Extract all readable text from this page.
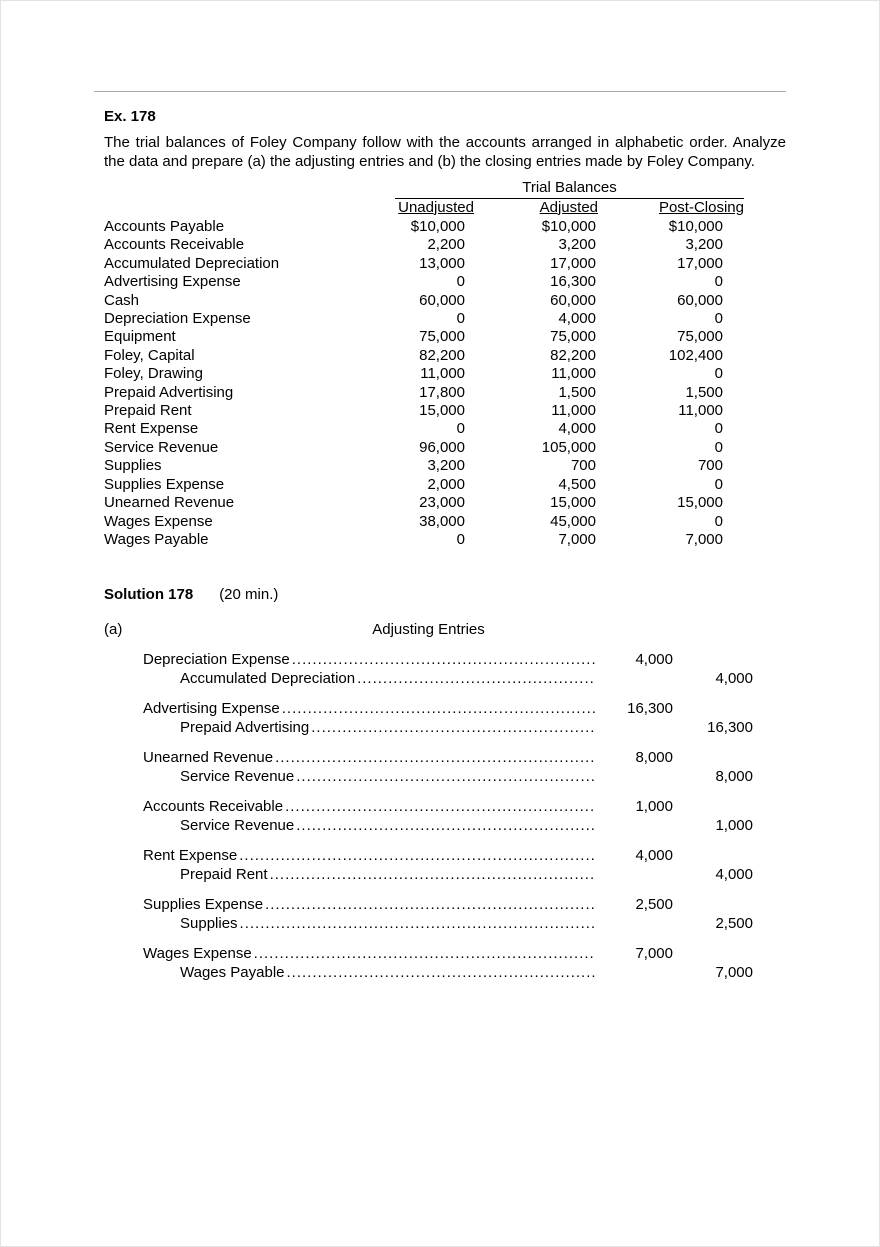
Ex. 178

The trial balances of Foley Company follow with the accounts arranged in alphabetic order. Analyze the data and prepare (a) the adjusting entries and (b) the closing entries made by Foley Company.

	Trial Balances		
	Unadjusted	Adjusted	Post-Closing
Accounts Payable	$10,000	$10,000	$10,000
Accounts Receivable	2,200	3,200	3,200
Accumulated Depreciation	13,000	17,000	17,000
Advertising Expense	0	16,300	0
Cash	60,000	60,000	60,000
Depreciation Expense	0	4,000	0
Equipment	75,000	75,000	75,000
Foley, Capital	82,200	82,200	102,400
Foley, Drawing	11,000	11,000	0
Prepaid Advertising	17,800	1,500	1,500
Prepaid Rent	15,000	11,000	11,000
Rent Expense	0	4,000	0
Service Revenue	96,000	105,000	0
Supplies	3,200	700	700
Supplies Expense	2,000	4,500	0
Unearned Revenue	23,000	15,000	15,000
Wages Expense	38,000	45,000	0
Wages Payable	0	7,000	7,000
Solution 178 (20 min.)
(a)	Adjusting Entries
Depreciation Expense .....	4,000
Accumulated Depreciation .....	4,000
Advertising Expense .....	16,300
Prepaid Advertising .....	16,300
Unearned Revenue .....	8,000
Service Revenue .....	8,000
Accounts Receivable .....	1,000
Service Revenue .....	1,000
Rent Expense .....	4,000
Prepaid Rent .....	4,000
Supplies Expense .....	2,500
Supplies .....	2,500
Wages Expense .....	7,000
Wages Payable .....	7,000
